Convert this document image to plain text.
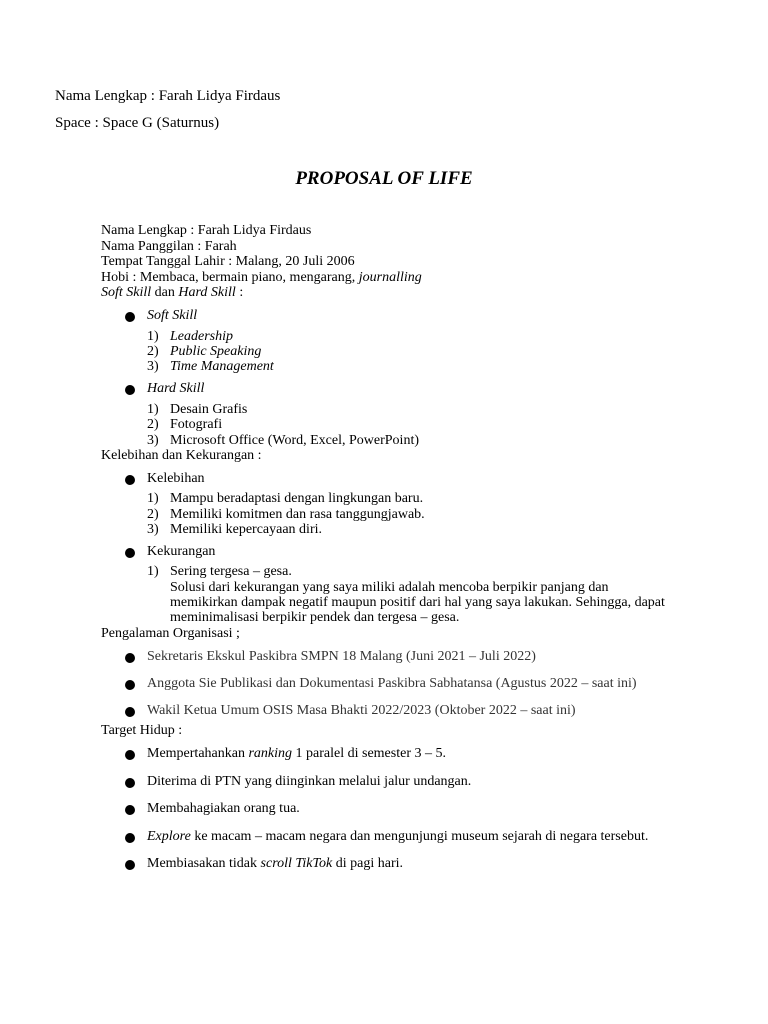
Nama Lengkap : Farah Lidya Firdaus
Space : Space G (Saturnus)
PROPOSAL OF LIFE
Nama Lengkap : Farah Lidya Firdaus
Nama Panggilan : Farah
Tempat Tanggal Lahir : Malang, 20 Juli 2006
Hobi : Membaca, bermain piano, mengarang, journalling
Soft Skill dan Hard Skill :
Soft Skill
1) Leadership
2) Public Speaking
3) Time Management
Hard Skill
1) Desain Grafis
2) Fotografi
3) Microsoft Office (Word, Excel, PowerPoint)
Kelebihan dan Kekurangan :
Kelebihan
1) Mampu beradaptasi dengan lingkungan baru.
2) Memiliki komitmen dan rasa tanggungjawab.
3) Memiliki kepercayaan diri.
Kekurangan
1) Sering tergesa – gesa.
Solusi dari kekurangan yang saya miliki adalah mencoba berpikir panjang dan
memikirkan dampak negatif maupun positif dari hal yang saya lakukan. Sehingga, dapat
meminimalisasi berpikir pendek dan tergesa – gesa.
Pengalaman Organisasi ;
Sekretaris Ekskul Paskibra SMPN 18 Malang (Juni 2021 – Juli 2022)
Anggota Sie Publikasi dan Dokumentasi Paskibra Sabhatansa (Agustus 2022 – saat ini)
Wakil Ketua Umum OSIS Masa Bhakti 2022/2023 (Oktober 2022 – saat ini)
Target Hidup :
Mempertahankan ranking 1 paralel di semester 3 – 5.
Diterima di PTN yang diinginkan melalui jalur undangan.
Membahagiakan orang tua.
Explore ke macam – macam negara dan mengunjungi museum sejarah di negara tersebut.
Membiasakan tidak scroll TikTok di pagi hari.
